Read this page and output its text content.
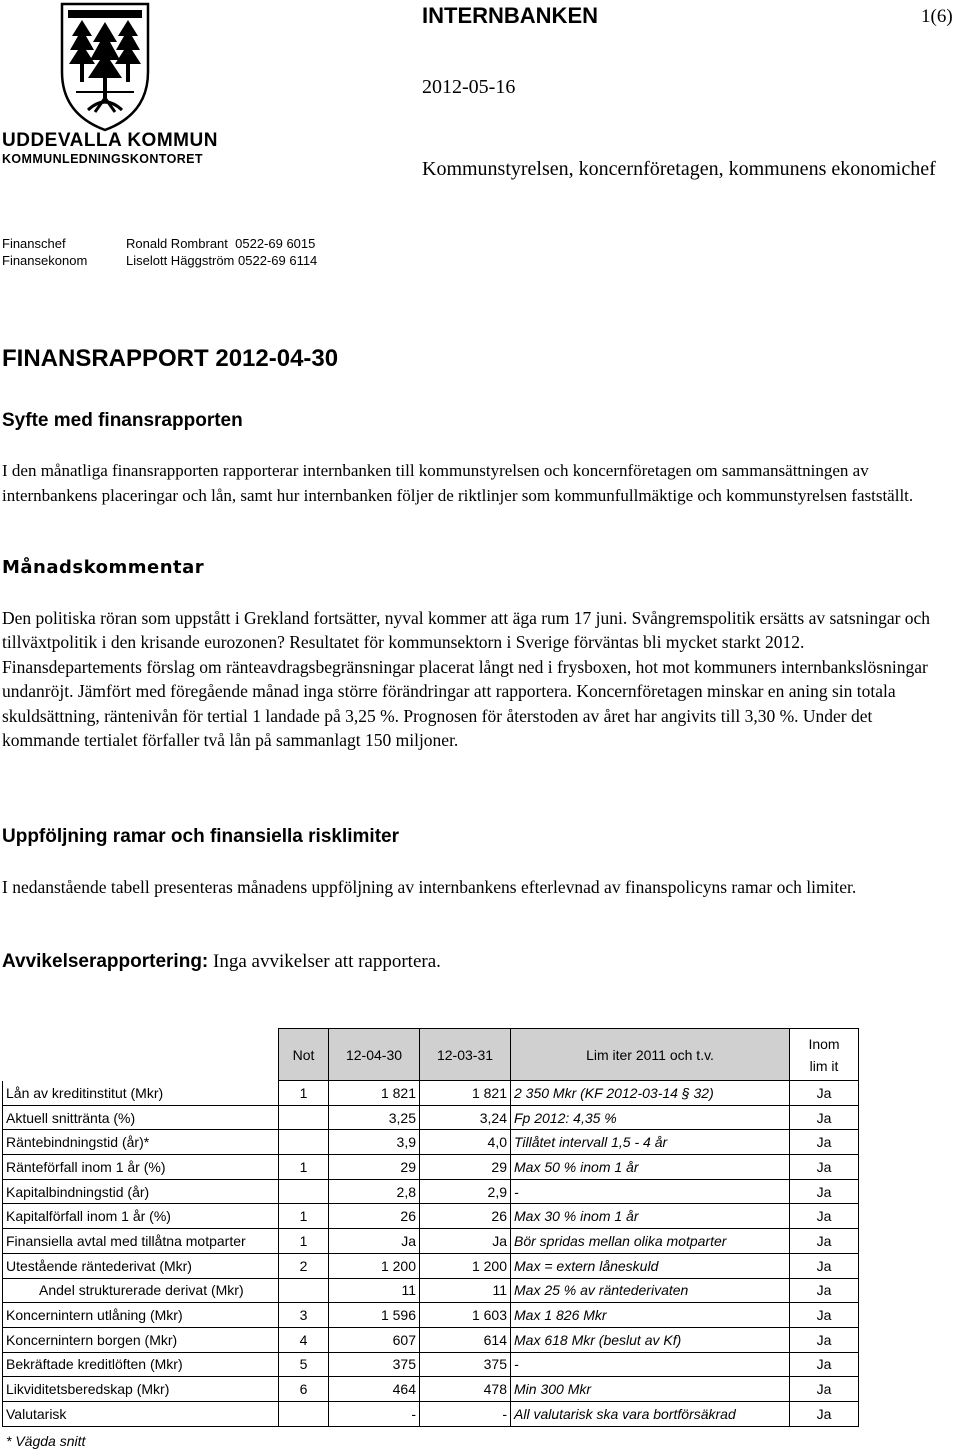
UDDEVALLA KOMMUN
KOMMUNLEDNINGSKONTORET
INTERNBANKEN	1(6)
2012-05-16
Kommunstyrelsen, koncernföretagen, kommunens ekonomichef
Finanschef	Ronald Rombrant 0522-69 6015
Finansekonom	Liselott Häggström 0522-69 6114
FINANSRAPPORT 2012-04-30
Syfte med finansrapporten
I den månatliga finansrapporten rapporterar internbanken till kommunstyrelsen och koncernföretagen om sammansättningen av internbankens placeringar och lån, samt hur internbanken följer de riktlinjer som kommunfullmäktige och kommunstyrelsen fastställt.
Månadskommentar
Den politiska röran som uppstått i Grekland fortsätter, nyval kommer att äga rum 17 juni. Svångremspolitik ersätts av satsningar och tillväxtpolitik i den krisande eurozonen? Resultatet för kommunsektorn i Sverige förväntas bli mycket starkt 2012. Finansdepartements förslag om ränteavdragsbegränsningar placerat långt ned i frysboxen, hot mot kommuners internbankslösningar undanröjt. Jämfört med föregående månad inga större förändringar att rapportera. Koncernföretagen minskar en aning sin totala skuldsättning, räntenivån för tertial 1 landade på 3,25 %. Prognosen för återstoden av året har angivits till 3,30 %. Under det kommande tertialet förfaller två lån på sammanlagt 150 miljoner.
Uppföljning ramar och finansiella risklimiter
I nedanstående tabell presenteras månadens uppföljning av internbankens efterlevnad av finanspolicyns ramar och limiter.
Avvikelserapportering: Inga avvikelser att rapportera.
	Not	12-04-30	12-03-31	Lim iter 2011 och t.v.	Inom
lim it
Lån av kreditinstitut (Mkr)	1	1 821	1 821	2 350 Mkr (KF 2012-03-14 § 32)	Ja
Aktuell snittränta (%)		3,25	3,24	Fp 2012: 4,35 %	Ja
Räntebindningstid (år)*		3,9	4,0	Tillåtet intervall 1,5 - 4 år	Ja
Ränteförfall inom 1 år (%)	1	29	29	Max 50 % inom 1 år	Ja
Kapitalbindningstid (år)		2,8	2,9	-	Ja
Kapitalförfall inom 1 år (%)	1	26	26	Max 30 % inom 1 år	Ja
Finansiella avtal med tillåtna motparter	1	Ja	Ja	Bör spridas mellan olika motparter	Ja
Utestående räntederivat (Mkr)	2	1 200	1 200	Max = extern låneskuld	Ja
Andel strukturerade derivat (Mkr)		11	11	Max 25 % av räntederivaten	Ja
Koncernintern utlåning (Mkr)	3	1 596	1 603	Max 1 826 Mkr	Ja
Koncernintern borgen (Mkr)	4	607	614	Max 618 Mkr (beslut av Kf)	Ja
Bekräftade kreditlöften (Mkr)	5	375	375	-	Ja
Likviditetsberedskap (Mkr)	6	464	478	Min 300 Mkr	Ja
Valutarisk		-	-	All valutarisk ska vara bortförsäkrad	Ja
* Vägda snitt
